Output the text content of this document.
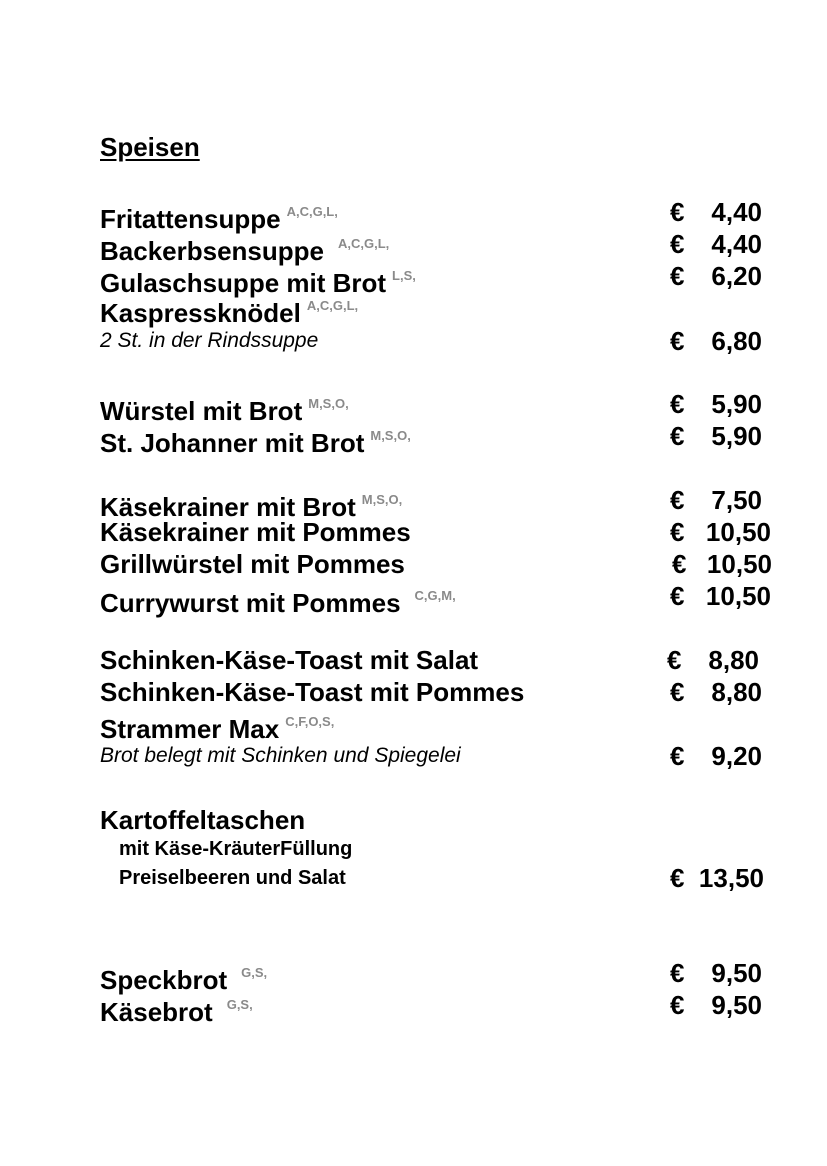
Speisen
Fritattensuppe $^{A,C,G,L,}$	€	4,40
Backerbsensuppe $^{A,C,G,L,}$	€	4,40
Gulaschsuppe mit Brot $^{L,S,}$	€	6,20
Kaspressknödel $^{A,C,G,L,}$
2 St. in der Rindssuppe	€	6,80
Würstel mit Brot $^{M,S,O,}$	€	5,90
St. Johanner mit Brot $^{M,S,O,}$	€	5,90
Käsekrainer mit Brot $^{M,S,O,}$	€	7,50
Käsekrainer mit Pommes	€ 10,50
Grillwürstel mit Pommes	€ 10,50
Currywurst mit Pommes $^{C,G,M,}$	€ 10,50
Schinken-Käse-Toast mit Salat	€	8,80
Schinken-Käse-Toast mit Pommes	€	8,80
Strammer Max $^{C,F,O,S,}$
Brot belegt mit Schinken und Spiegelei	€	9,20
Kartoffeltaschen
mit Käse-KräuterFüllung
Preiselbeeren und Salat	€ 13,50
Speckbrot $^{G,S,}$	€	9,50
Käsebrot $^{G,S,}$	€	9,50
